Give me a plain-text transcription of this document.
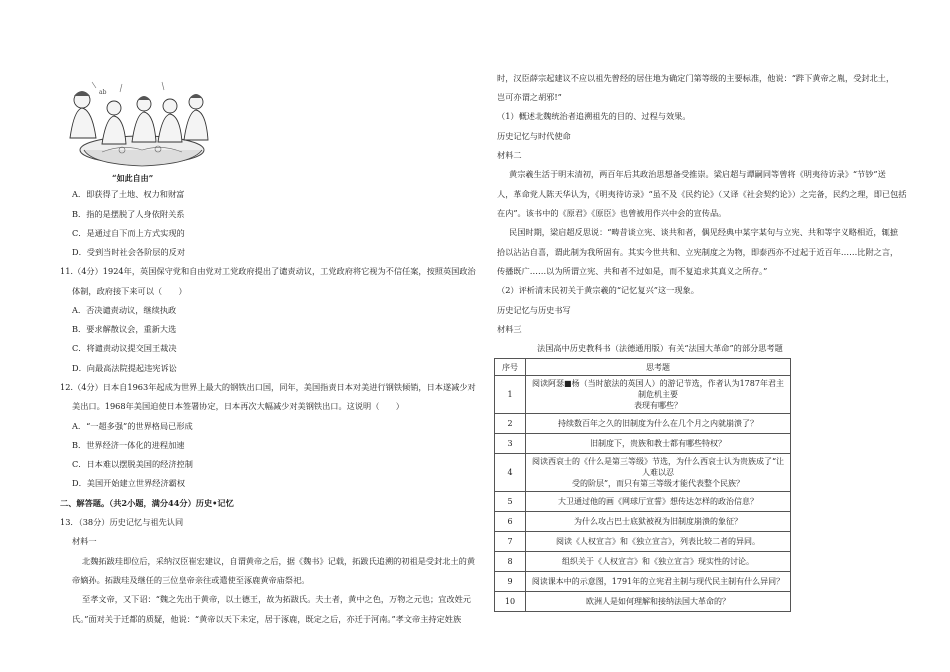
ab
“如此自由”
A．即获得了土地、权力和财富
B．指的是摆脱了人身依附关系
C．是通过自下而上方式实现的
D．受到当时社会各阶层的反对
11.（4分）1924年，英国保守党和自由党对工党政府提出了谴责动议，工党政府将它视为不信任案，按照英国政治
体制，政府接下来可以（　　）
A．否决谴责动议，继续执政
B．要求解散议会，重新大选
C．将谴责动议提交国王裁决
D．向最高法院提起违宪诉讼
12.（4分）日本自1963年起成为世界上最大的钢铁出口国，同年，美国指责日本对美进行钢铁倾销，日本遂减少对
美出口。1968年美国迫使日本签署协定，日本再次大幅减少对美钢铁出口。这说明（　　）
A．“一超多强”的世界格局已形成
B．世界经济一体化的进程加速
C．日本难以摆脱美国的经济控制
D．美国开始建立世界经济霸权
二、解答题。（共2小题，满分44分）历史•记忆
13．（38分）历史记忆与祖先认同
材料一
北魏拓跋珪即位后，采纳汉臣崔宏建议，自谓黄帝之后，据《魏书》记载，拓跋氏追溯的初祖是受封北土的黄
帝嫡孙。拓跋珪及继任的三位皇帝亲往或遣使至涿鹿黄帝庙祭祀。
至孝文帝，又下诏：“魏之先出于黄帝，以土德王，故为拓跋氏。夫土者，黄中之色，万物之元也；宜改姓元
氏。”面对关于迁都的质疑，他说：“黄帝以天下未定，居于涿鹿，既定之后，亦迁于河南。”孝文帝主持定姓族
时，汉臣薛宗起建议不应以祖先曾经的居住地为确定门第等级的主要标准，他说：“跸下黄帝之胤，受封北土，
岂可亦谓之胡邪!”
（1）概述北魏统治者追溯祖先的目的、过程与效果。
历史记忆与时代使命
材料二
黄宗羲生活于明末清初，两百年后其政治思想备受推崇。梁启超与谭嗣同等曾将《明夷待访录》“节钞”送
人，革命党人陈天华认为，《明夷待访录》“虽不及《民约论》（又译《社会契约论》）之完备，民约之理，即已包括
在内”。该书中的《原君》《原臣》也曾被用作兴中会的宣传品。
民国时期，梁启超反思说：“畴昔谈立宪、谈共和者，偶见经典中某字某句与立宪、共和等字义略相近，辄摭
拾以沾沾自喜，谓此制为我所固有。其实今世共和、立宪制度之为物，即泰西亦不过起于近百年……比附之言，
传播既广……以为所谓立宪、共和者不过如是，而不复追求其真义之所存。”
（2）评析清末民初关于黄宗羲的“记忆复兴”这一现象。
历史记忆与历史书写
材料三
法国高中历史教科书（法德通用版）有关“法国大革命”的部分思考题
序号	思考题
1	阅读阿瑟■杨（当时旅法的英国人）的游记节选，作者认为1787年君主制危机主要
表现有哪些？

2	持续数百年之久的旧制度为什么在几个月之内就崩溃了？
3	旧制度下，贵族和教士都有哪些特权？
4	阅读西哀士的《什么是第三等级》节选，为什么西哀士认为贵族成了“让人难以忍
受的阶层”，而只有第三等级才能代表整个民族？

5	大卫通过他的画《网球厅宣誓》想传达怎样的政治信息？
6	为什么攻占巴士底狱被视为旧制度崩溃的象征？
7	阅读《人权宣言》和《独立宣言》，列表比较二者的异同。
8	组织关于《人权宣言》和《独立宣言》现实性的讨论。
9	阅读课本中的示意图，1791年的立宪君主制与现代民主制有什么异同？
10	欧洲人是如何理解和接纳法国大革命的？
